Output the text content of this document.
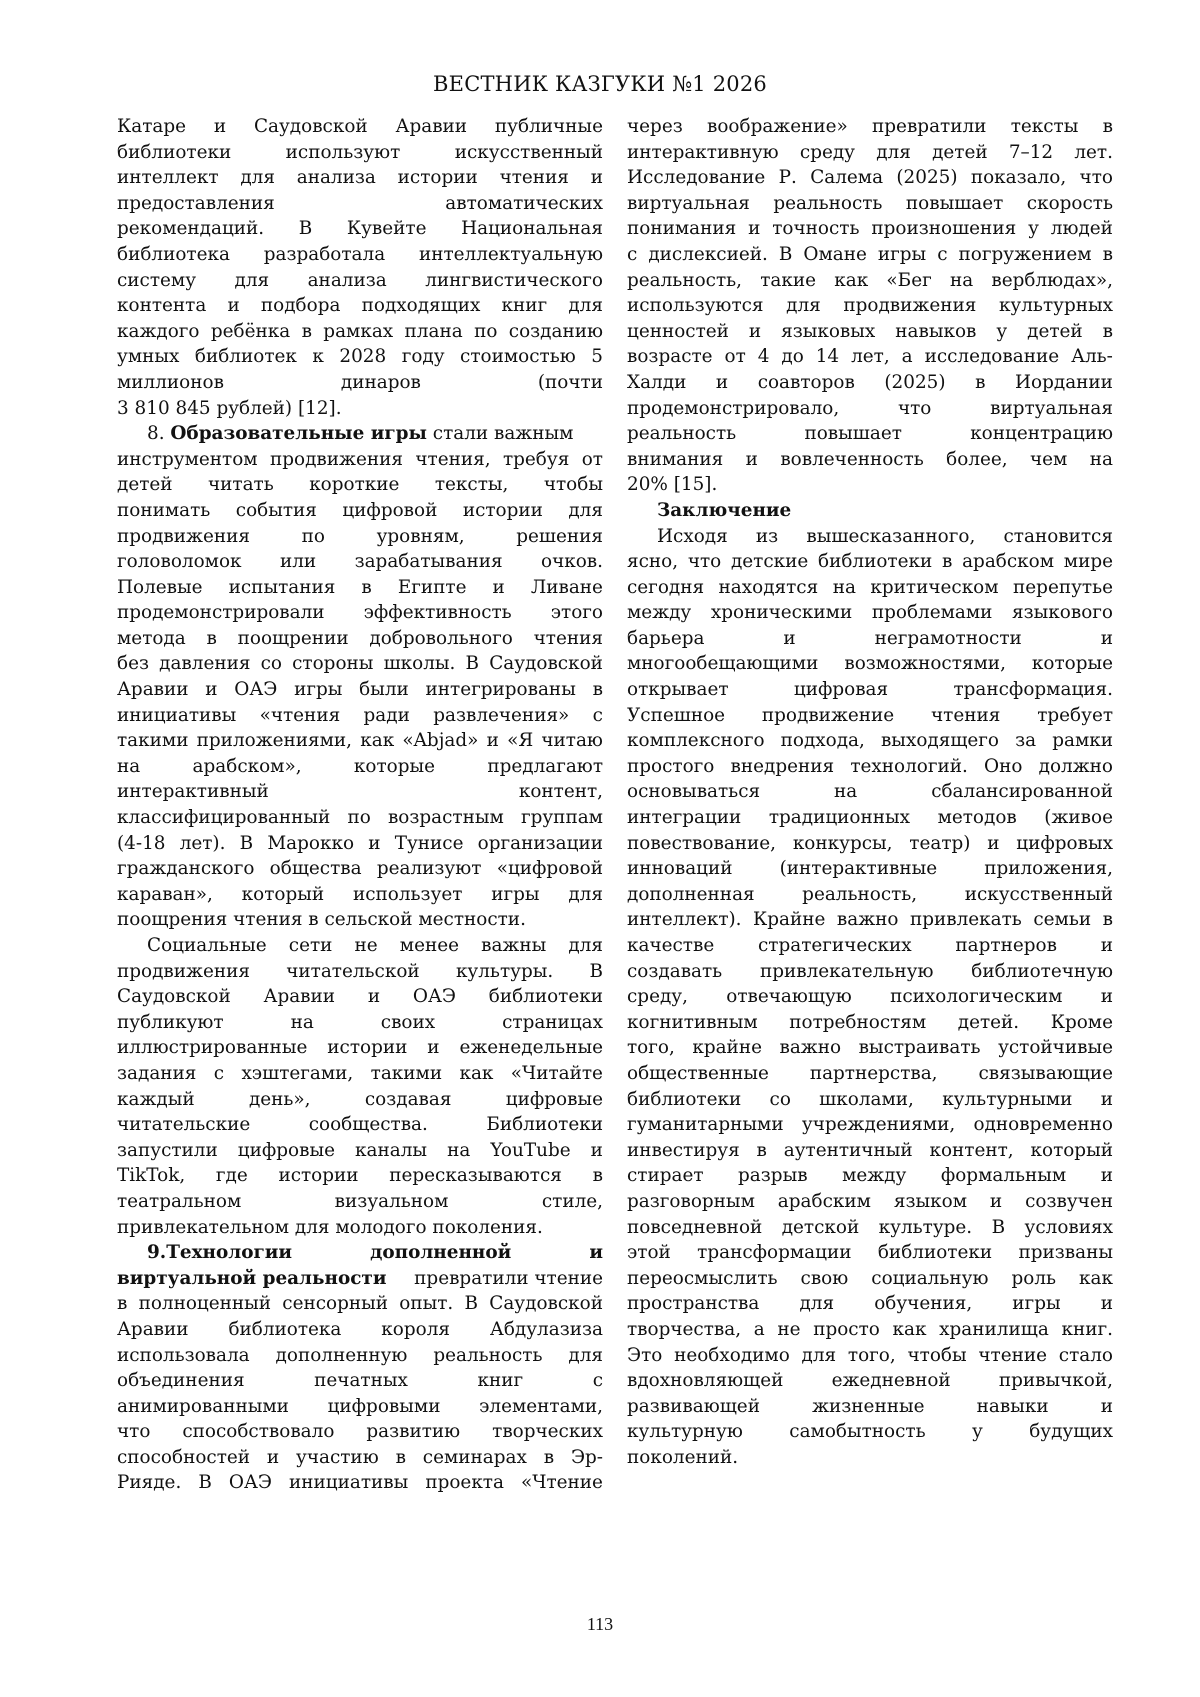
ВЕСТНИК КАЗГУКИ №1 2026
Катаре и Саудовской Аравии публичные
библиотеки	используют	искусственный
интеллект для анализа истории чтения и
предоставления	автоматических
рекомендаций. В Кувейте Национальная
библиотека разработала интеллектуальную
систему для анализа лингвистического
контента и подбора подходящих книг для
каждого ребёнка в рамках плана по созданию
умных библиотек к 2028 году стоимостью 5
миллионов	динаров	(почти
3 810 845 рублей) [12].
8. Образовательные игры стали важным
инструментом продвижения чтения, требуя от
детей читать короткие тексты, чтобы
понимать события цифровой истории для
продвижения	по	уровням,	решения
головоломок или зарабатывания очков.
Полевые испытания в Египте и Ливане
продемонстрировали эффективность этого
метода в поощрении добровольного чтения
без давления со стороны школы. В Саудовской
Аравии и ОАЭ игры были интегрированы в
инициативы «чтения ради развлечения» с
такими приложениями, как «Abjad» и «Я читаю
на	арабском»,	которые	предлагают
интерактивный	контент,
классифицированный по возрастным группам
(4-18 лет). В Марокко и Тунисе организации
гражданского общества реализуют «цифровой
караван», который использует игры для
поощрения чтения в сельской местности.
Социальные сети не менее важны для
продвижения читательской культуры. В
Саудовской Аравии и ОАЭ библиотеки
публикуют	на	своих	страницах
иллюстрированные истории и еженедельные
задания с хэштегами, такими как «Читайте
каждый	день»,	создавая	цифровые
читательские	сообщества.	Библиотеки
запустили цифровые каналы на YouTube и
TikTok, где истории пересказываются в
театральном	визуальном	стиле,
привлекательном для молодого поколения.
9.Технологии	дополненной	и
виртуальной реальности превратили чтение
в полноценный сенсорный опыт. В Саудовской
Аравии библиотека короля Абдулазиза
использовала дополненную реальность для
объединения	печатных	книг	с
анимированными цифровыми элементами,
что способствовало развитию творческих
способностей и участию в семинарах в Эр-
Рияде. В ОАЭ инициативы проекта «Чтение
через воображение» превратили тексты в
интерактивную среду для детей 7–12 лет.
Исследование Р. Салема (2025) показало, что
виртуальная реальность повышает скорость
понимания и точность произношения у людей
с дислексией. В Омане игры с погружением в
реальность, такие как «Бег на верблюдах»,
используются для продвижения культурных
ценностей и языковых навыков у детей в
возрасте от 4 до 14 лет, а исследование Аль-
Халди и соавторов (2025) в Иордании
продемонстрировало,	что	виртуальная
реальность	повышает	концентрацию
внимания и вовлеченность более, чем на
20% [15].
Заключение
Исходя из вышесказанного, становится
ясно, что детские библиотеки в арабском мире
сегодня находятся на критическом перепутье
между хроническими проблемами языкового
барьера	и	неграмотности	и
многообещающими возможностями, которые
открывает	цифровая	трансформация.
Успешное продвижение чтения требует
комплексного подхода, выходящего за рамки
простого внедрения технологий. Оно должно
основываться	на	сбалансированной
интеграции традиционных методов (живое
повествование, конкурсы, театр) и цифровых
инноваций	(интерактивные	приложения,
дополненная	реальность,	искусственный
интеллект). Крайне важно привлекать семьи в
качестве стратегических партнеров и
создавать привлекательную библиотечную
среду, отвечающую психологическим и
когнитивным потребностям детей. Кроме
того, крайне важно выстраивать устойчивые
общественные партнерства, связывающие
библиотеки со школами, культурными и
гуманитарными учреждениями, одновременно
инвестируя в аутентичный контент, который
стирает разрыв между формальным и
разговорным арабским языком и созвучен
повседневной детской культуре. В условиях
этой трансформации библиотеки призваны
переосмыслить свою социальную роль как
пространства для обучения, игры и
творчества, а не просто как хранилища книг.
Это необходимо для того, чтобы чтение стало
вдохновляющей	ежедневной	привычкой,
развивающей	жизненные	навыки	и
культурную	самобытность	у	будущих
поколений.
113
